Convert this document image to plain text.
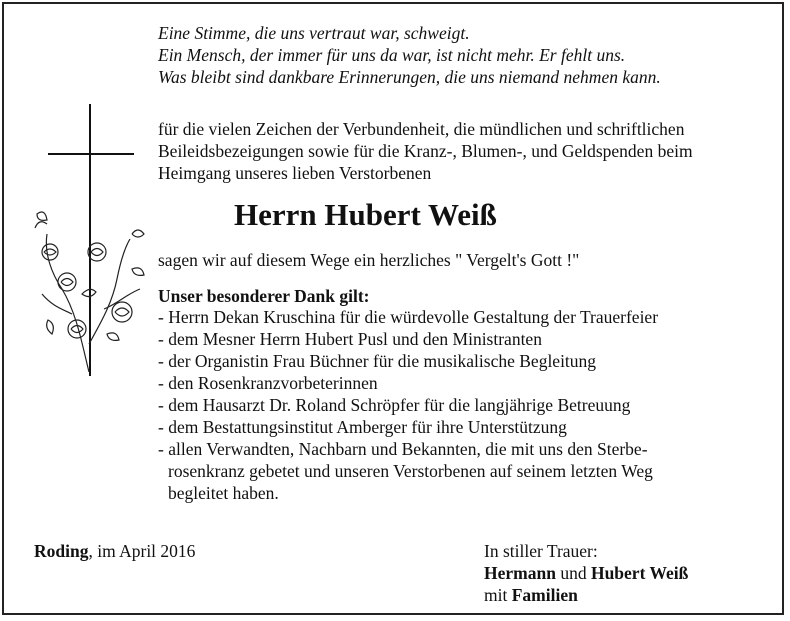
Eine Stimme, die uns vertraut war, schweigt.
Ein Mensch, der immer für uns da war, ist nicht mehr. Er fehlt uns.
Was bleibt sind dankbare Erinnerungen, die uns niemand nehmen kann.
für die vielen Zeichen der Verbundenheit, die mündlichen und schriftlichen
Beileidsbezeigungen sowie für die Kranz-, Blumen-, und Geldspenden beim
Heimgang unseres lieben Verstorbenen
Herrn Hubert Weiß
sagen wir auf diesem Wege ein herzliches " Vergelt's Gott !"
Unser besonderer Dank gilt:
- Herrn Dekan Kruschina für die würdevolle Gestaltung der Trauerfeier
- dem Mesner Herrn Hubert Pusl und den Ministranten
- der Organistin Frau Büchner für die musikalische Begleitung
- den Rosenkranzvorbeterinnen
- dem Hausarzt Dr. Roland Schröpfer für die langjährige Betreuung
- dem Bestattungsinstitut Amberger für ihre Unterstützung
- allen Verwandten, Nachbarn und Bekannten, die mit uns den Sterbe-
rosenkranz gebetet und unseren Verstorbenen auf seinem letzten Weg
begleitet haben.
Roding, im April 2016	In stiller Trauer:
Hermann und Hubert Weiß
mit Familien
